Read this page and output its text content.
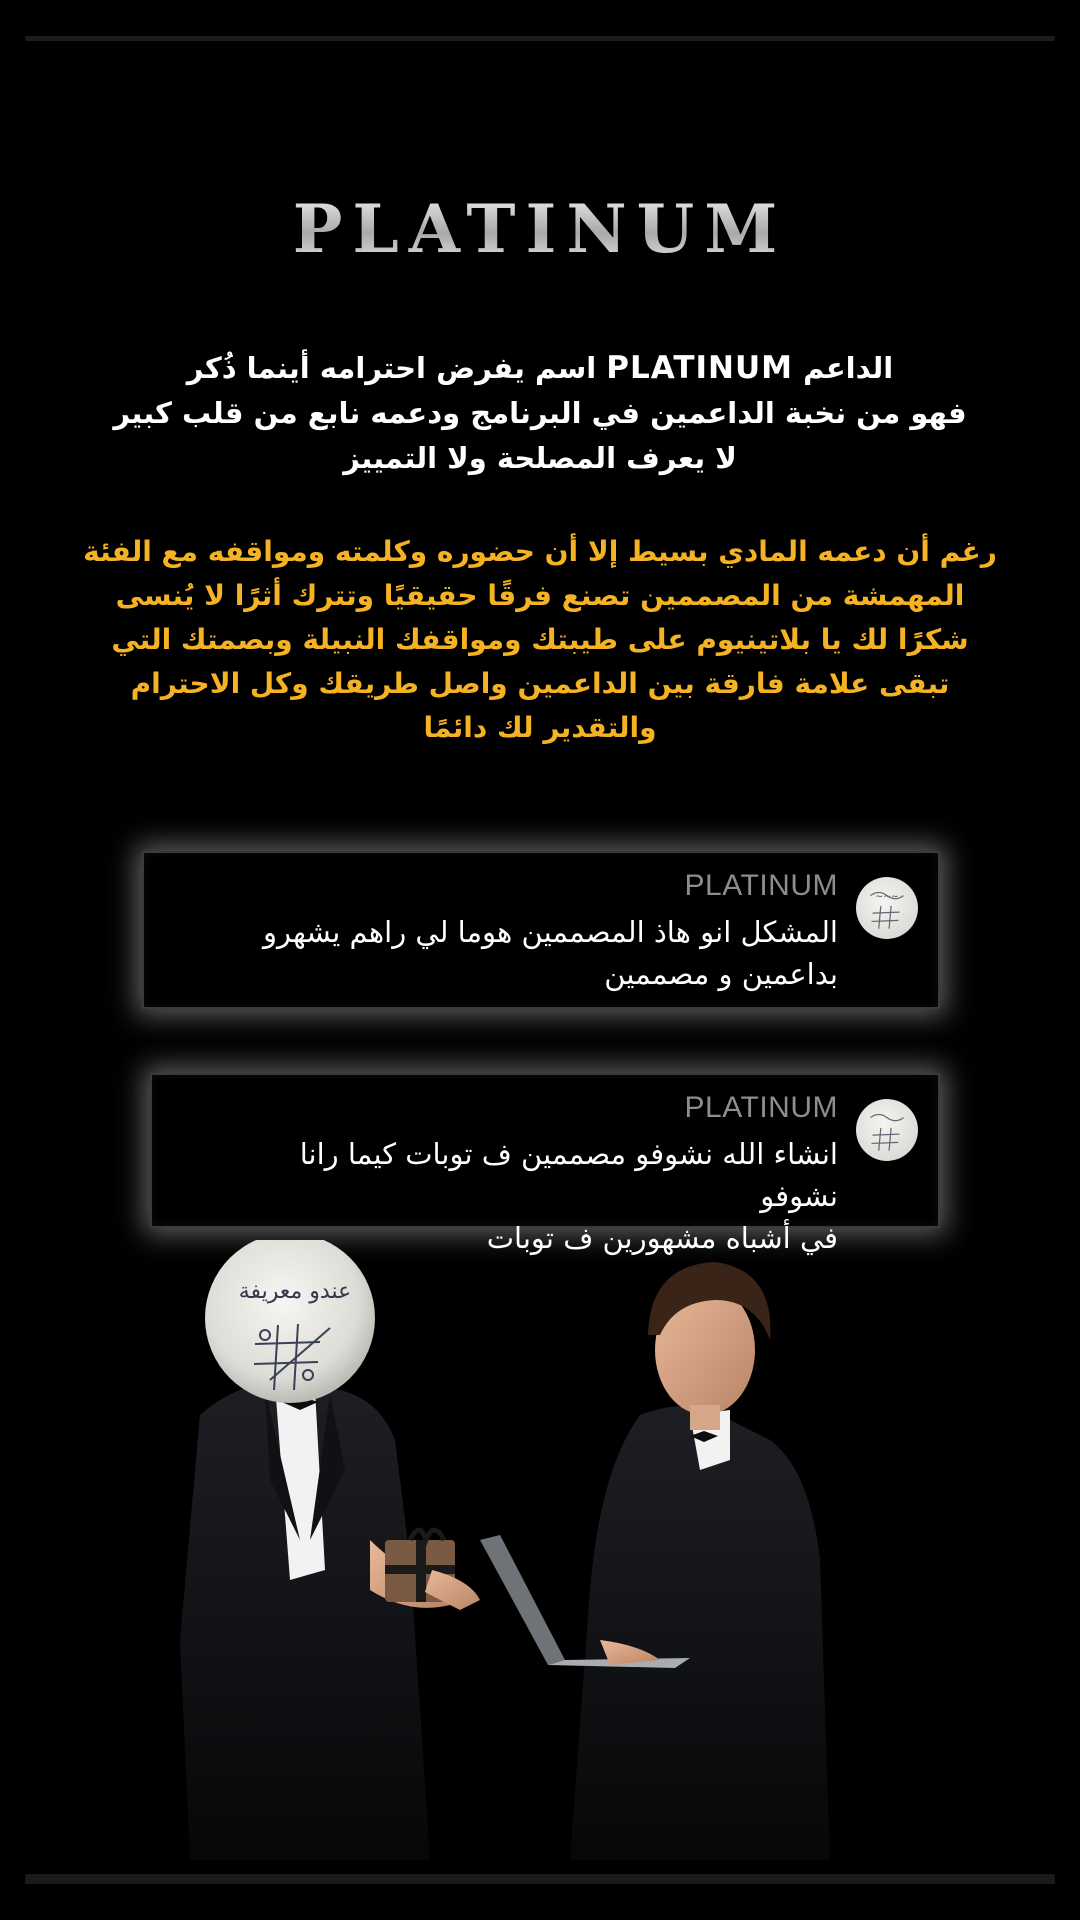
PLATINUM
الداعم PLATINUM اسم يفرض احترامه أينما ذُكر
فهو من نخبة الداعمين في البرنامج ودعمه نابع من قلب كبير
لا يعرف المصلحة ولا التمييز
رغم أن دعمه المادي بسيط إلا أن حضوره وكلمته ومواقفه مع الفئة
المهمشة من المصممين تصنع فرقًا حقيقيًا وتترك أثرًا لا يُنسى
شكرًا لك يا بلاتينيوم على طيبتك ومواقفك النبيلة وبصمتك التي
تبقى علامة فارقة بين الداعمين واصل طريقك وكل الاحترام
والتقدير لك دائمًا
﻿~~~
PLATINUM
المشكل انو هاذ المصممين هوما لي راهم يشهرو
بداعمين و مصممين
PLATINUM
انشاء الله نشوفو مصممين ف توبات كيما رانا نشوفو
في أشباه مشهورين ف توبات
عندو معريفة
